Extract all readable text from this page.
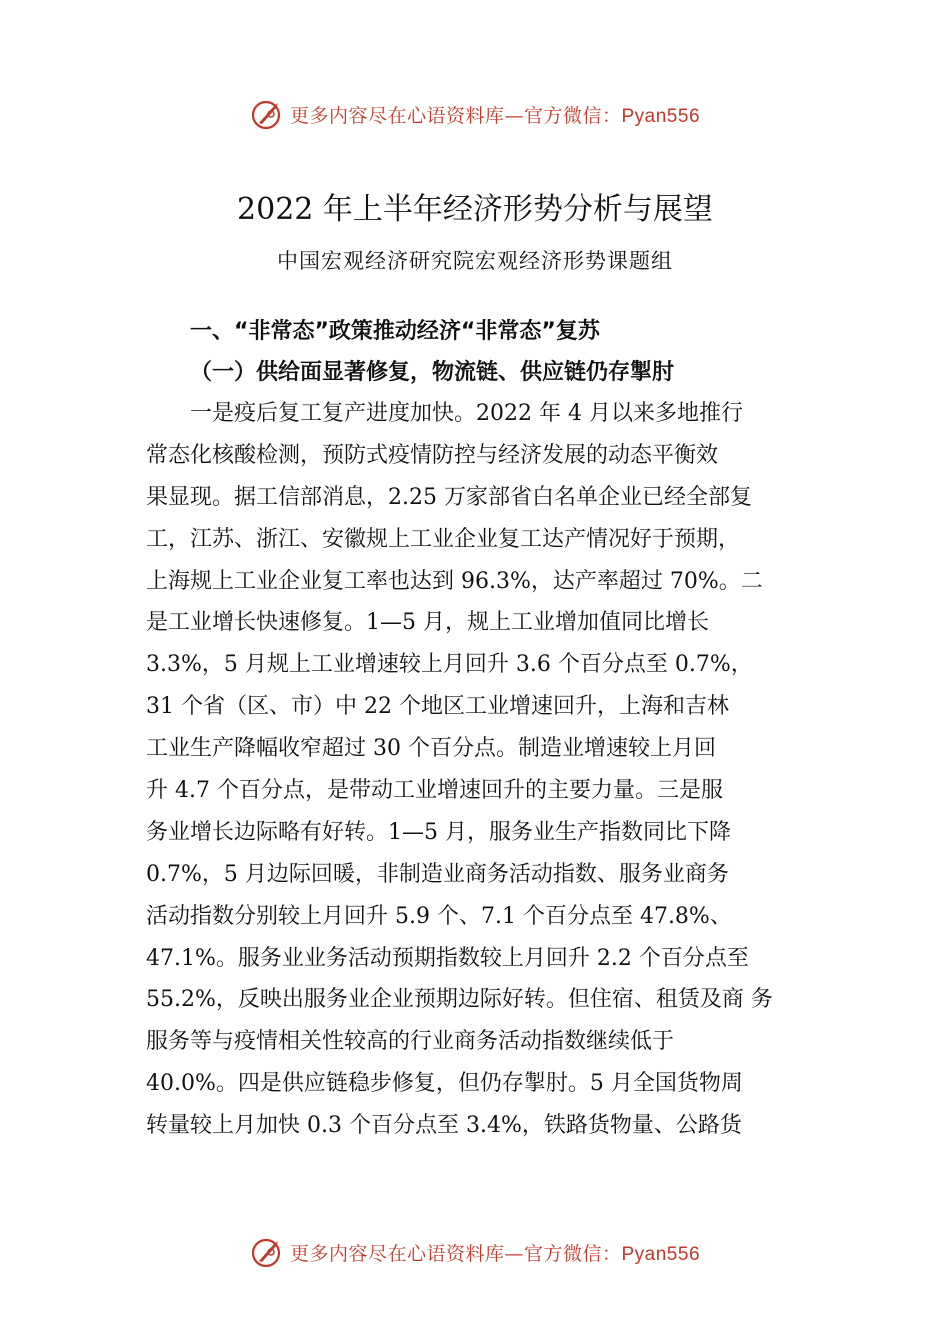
更多内容尽在心语资料库—官方微信：Pyan556
2022 年上半年经济形势分析与展望
中国宏观经济研究院宏观经济形势课题组
一、“非常态”政策推动经济“非常态”复苏
（一）供给面显著修复，物流链、供应链仍存掣肘
一是疫后复工复产进度加快。2022 年 4 月以来多地推行
常态化核酸检测，预防式疫情防控与经济发展的动态平衡效
果显现。据工信部消息，2.25 万家部省白名单企业已经全部复
工，江苏、浙江、安徽规上工业企业复工达产情况好于预期，
上海规上工业企业复工率也达到 96.3%，达产率超过 70%。二
是工业增长快速修复。1—5 月，规上工业增加值同比增长
3.3%，5 月规上工业增速较上月回升 3.6 个百分点至 0.7%，
31 个省（区、市）中 22 个地区工业增速回升，上海和吉林
工业生产降幅收窄超过 30 个百分点。制造业增速较上月回
升 4.7 个百分点，是带动工业增速回升的主要力量。三是服
务业增长边际略有好转。1—5 月，服务业生产指数同比下降
0.7%，5 月边际回暖，非制造业商务活动指数、服务业商务
活动指数分别较上月回升 5.9 个、7.1 个百分点至 47.8%、
47.1%。服务业业务活动预期指数较上月回升 2.2 个百分点至
55.2%，反映出服务业企业预期边际好转。但住宿、租赁及商 务
服务等与疫情相关性较高的行业商务活动指数继续低于
40.0%。四是供应链稳步修复，但仍存掣肘。5 月全国货物周
转量较上月加快 0.3 个百分点至 3.4%，铁路货物量、公路货
更多内容尽在心语资料库—官方微信：Pyan556
